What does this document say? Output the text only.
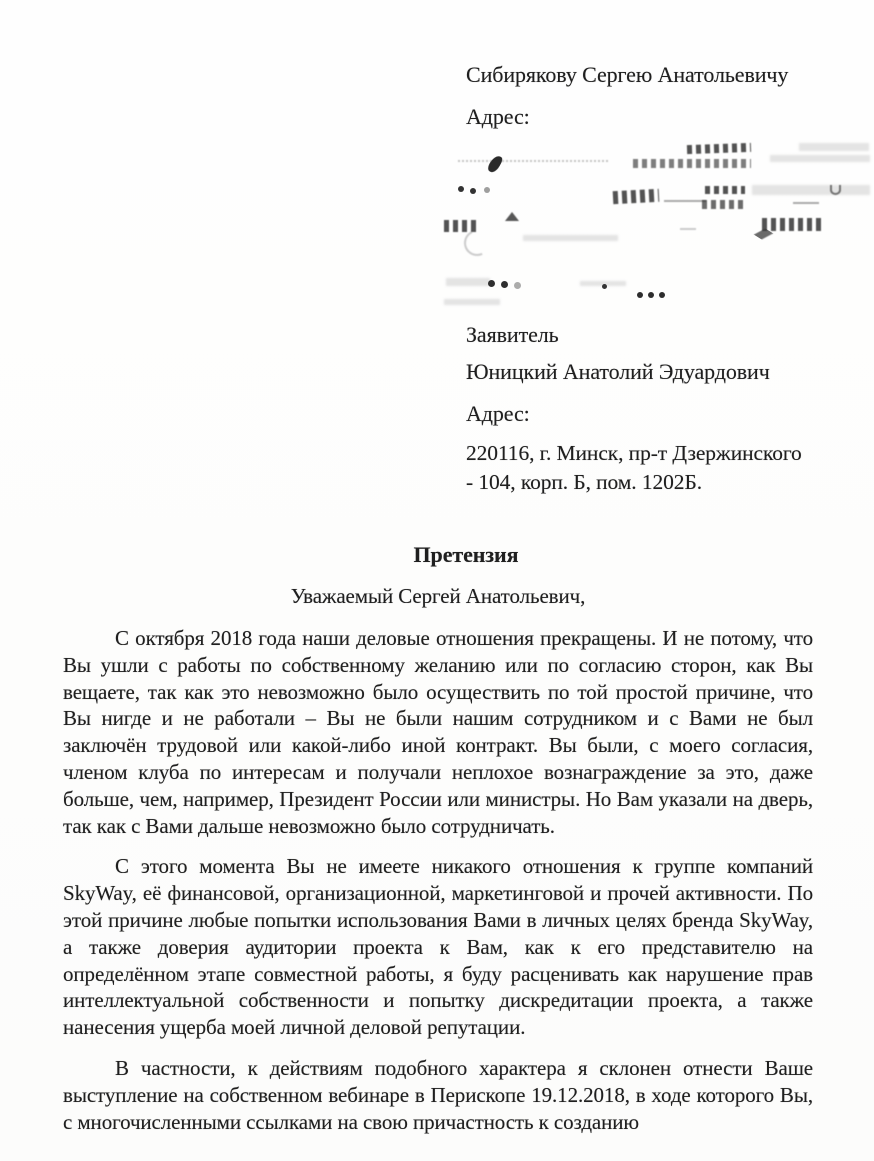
Сибирякову Сергею Анатольевичу
Адрес:
Заявитель
Юницкий Анатолий Эдуардович
Адрес:
220116, г. Минск, пр-т Дзержинского
- 104, корп. Б, пом. 1202Б.
Претензия
Уважаемый Сергей Анатольевич,

С октября 2018 года наши деловые отношения прекращены. И не потому, что Вы ушли с работы по собственному желанию или по согласию сторон, как Вы вещаете, так как это невозможно было осуществить по той простой причине, что Вы нигде и не работали – Вы не были нашим сотрудником и с Вами не был заключён трудовой или какой-либо иной контракт. Вы были, с моего согласия, членом клуба по интересам и получали неплохое вознаграждение за это, даже больше, чем, например, Президент России или министры. Но Вам указали на дверь, так как с Вами дальше невозможно было сотрудничать.

С этого момента Вы не имеете никакого отношения к группе компаний SkyWay, её финансовой, организационной, маркетинговой и прочей активности. По этой причине любые попытки использования Вами в личных целях бренда SkyWay, а также доверия аудитории проекта к Вам, как к его представителю на определённом этапе совместной работы, я буду расценивать как нарушение прав интеллектуальной собственности и попытку дискредитации проекта, а также нанесения ущерба моей личной деловой репутации.

В частности, к действиям подобного характера я склонен отнести Ваше выступление на собственном вебинаре в Перископе 19.12.2018, в ходе которого Вы, с многочисленными ссылками на свою причастность к созданию
